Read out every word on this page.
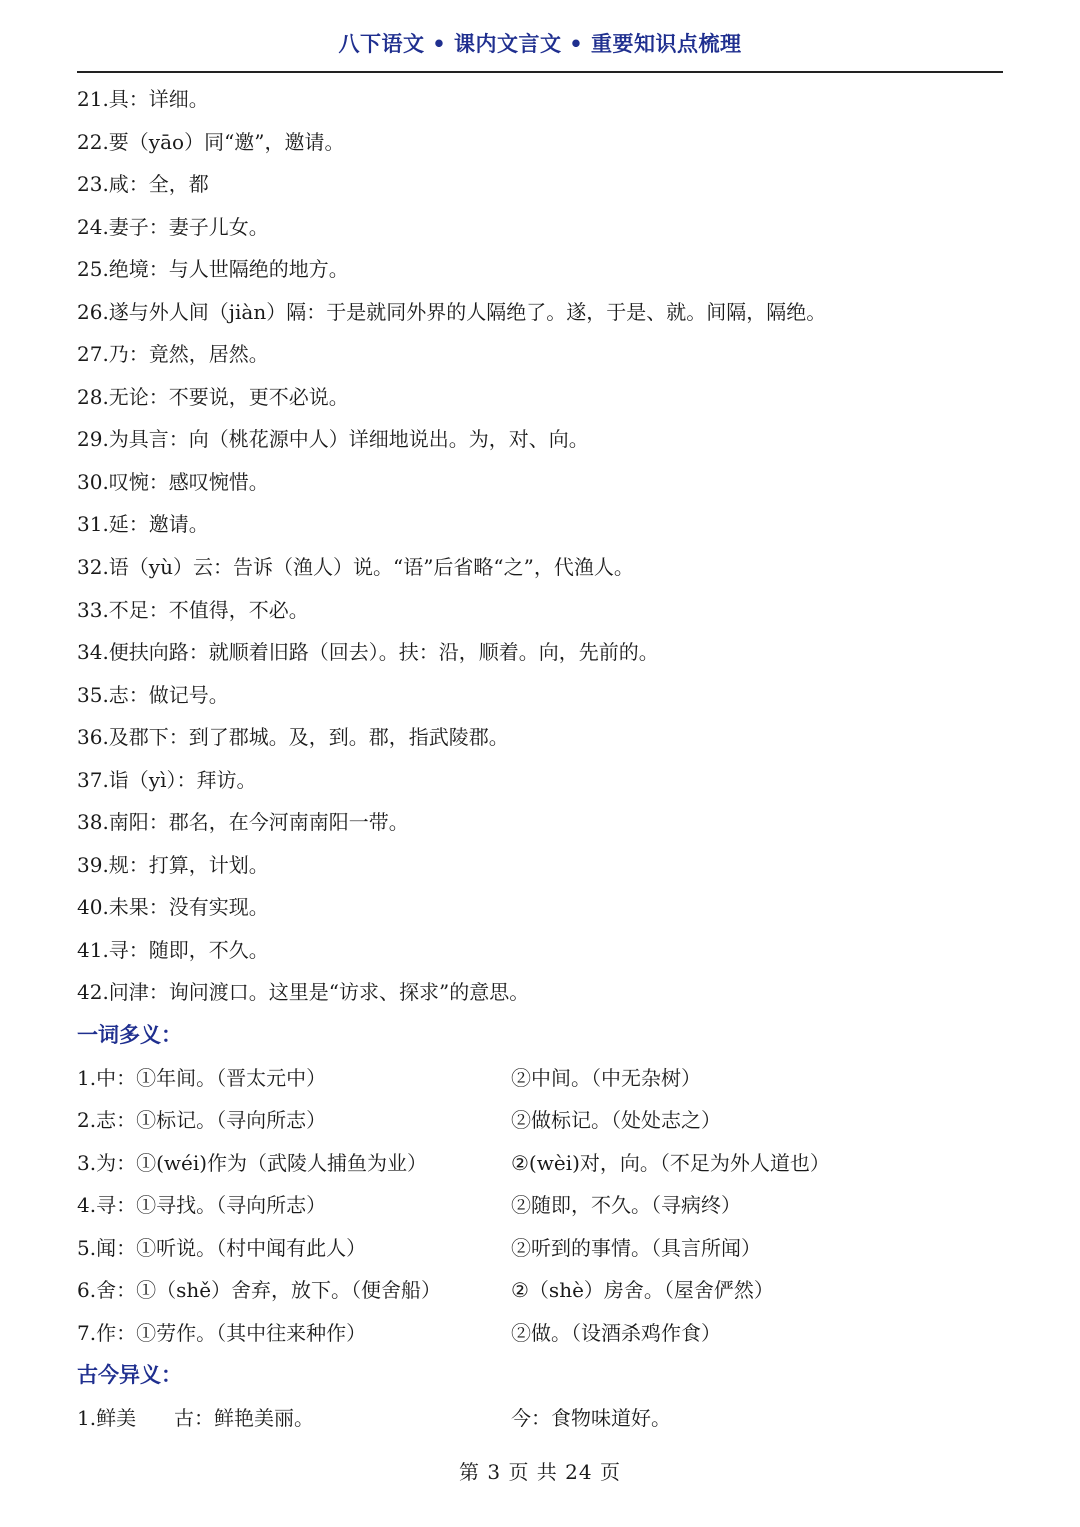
八下语文 • 课内文言文 • 重要知识点梳理
21.具：详细。
22.要（yāo）同“邀”，邀请。
23.咸：全，都
24.妻子：妻子儿女。
25.绝境：与人世隔绝的地方。
26.遂与外人间（jiàn）隔：于是就同外界的人隔绝了。遂，于是、就。间隔，隔绝。
27.乃：竟然，居然。
28.无论：不要说，更不必说。
29.为具言：向（桃花源中人）详细地说出。为，对、向。
30.叹惋：感叹惋惜。
31.延：邀请。
32.语（yù）云：告诉（渔人）说。“语”后省略“之”，代渔人。
33.不足：不值得，不必。
34.便扶向路：就顺着旧路（回去）。扶：沿，顺着。向，先前的。
35.志：做记号。
36.及郡下：到了郡城。及，到。郡，指武陵郡。
37.诣（yì）：拜访。
38.南阳：郡名，在今河南南阳一带。
39.规：打算，计划。
40.未果：没有实现。
41.寻：随即，不久。
42.问津：询问渡口。这里是“访求、探求”的意思。
一词多义：
1.中：①年间。（晋太元中）	②中间。（中无杂树）
2.志：①标记。（寻向所志）	②做标记。（处处志之）
3.为：①(wéi)作为（武陵人捕鱼为业）	②(wèi)对，向。（不足为外人道也）
4.寻：①寻找。（寻向所志）	②随即，不久。（寻病终）
5.闻：①听说。（村中闻有此人）	②听到的事情。（具言所闻）
6.舍：①（shě）舍弃，放下。（便舍船）	②（shè）房舍。（屋舍俨然）
7.作：①劳作。（其中往来种作）	②做。（设酒杀鸡作食）
古今异义：
1.鲜美 古：鲜艳美丽。	今：食物味道好。
第 3 页 共 24 页
